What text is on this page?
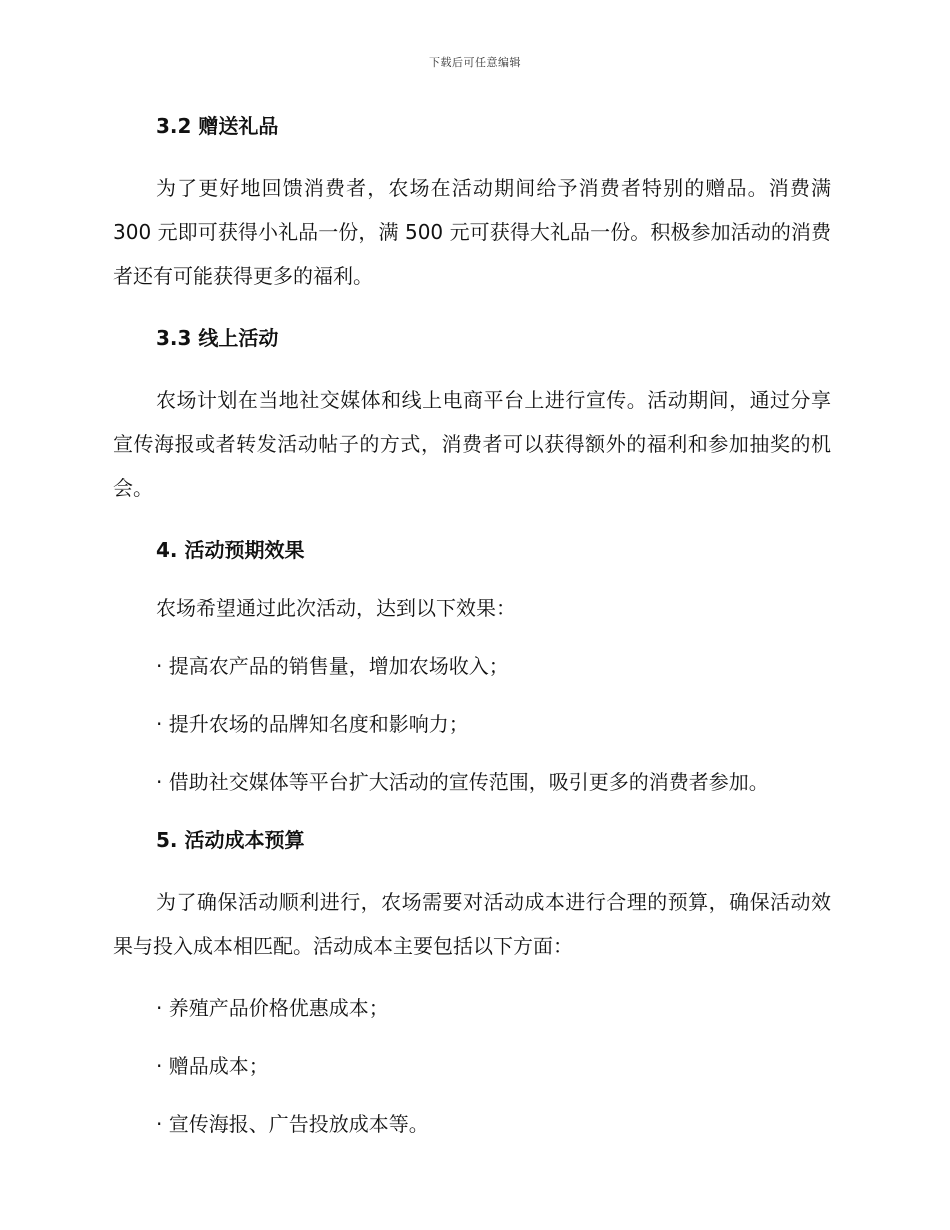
下载后可任意编辑
3.2 赠送礼品

为了更好地回馈消费者，农场在活动期间给予消费者特别的赠品。消费满 300 元即可获得小礼品一份，满 500 元可获得大礼品一份。积极参加活动的消费者还有可能获得更多的福利。

3.3 线上活动

农场计划在当地社交媒体和线上电商平台上进行宣传。活动期间，通过分享宣传海报或者转发活动帖子的方式，消费者可以获得额外的福利和参加抽奖的机会。

4. 活动预期效果
农场希望通过此次活动，达到以下效果：
· 提高农产品的销售量，增加农场收入；
· 提升农场的品牌知名度和影响力；
· 借助社交媒体等平台扩大活动的宣传范围，吸引更多的消费者参加。
5. 活动成本预算

为了确保活动顺利进行，农场需要对活动成本进行合理的预算，确保活动效果与投入成本相匹配。活动成本主要包括以下方面：

· 养殖产品价格优惠成本；
· 赠品成本；
· 宣传海报、广告投放成本等。
